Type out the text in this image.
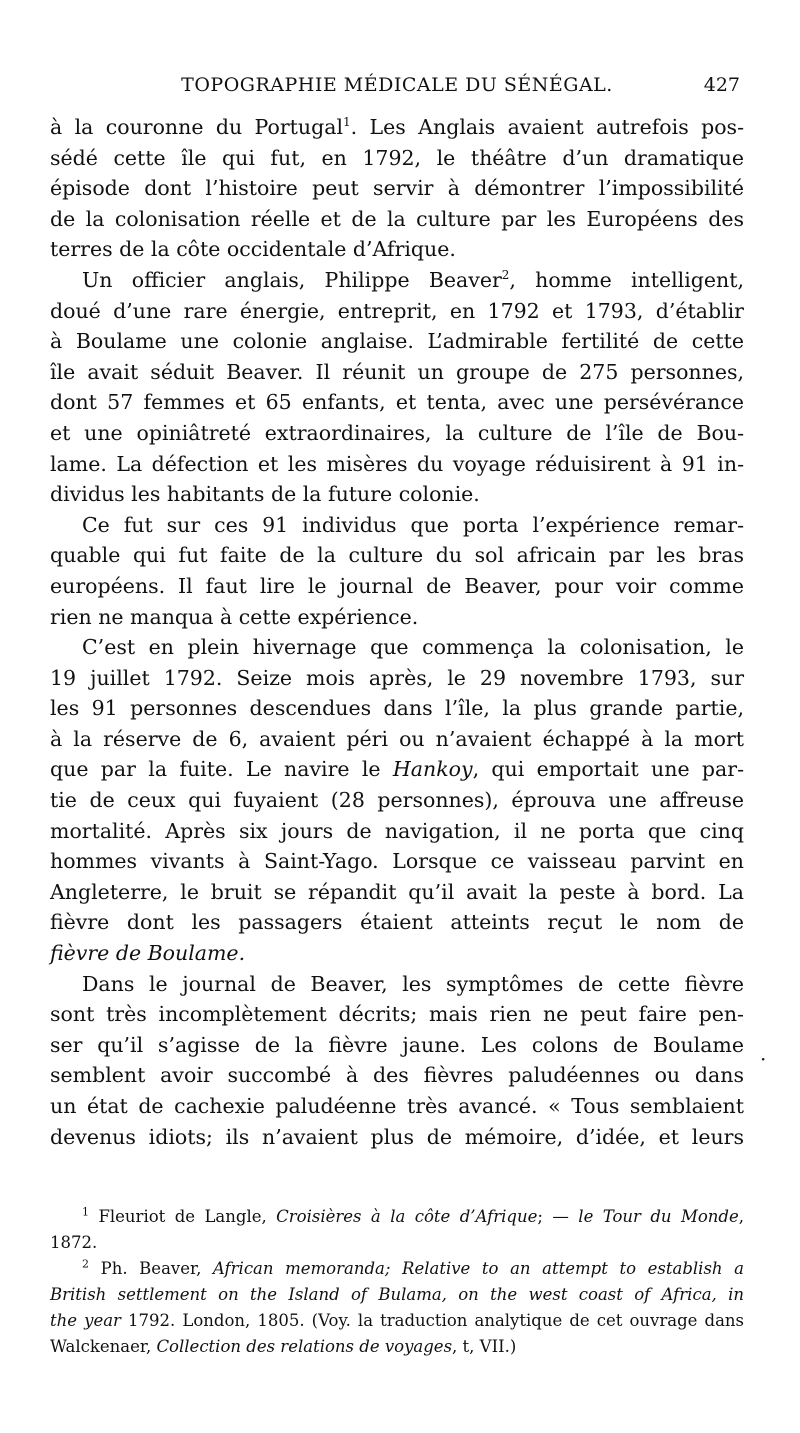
TOPOGRAPHIE MÉDICALE DU SÉNÉGAL.	427
à la couronne du Portugal$^1$. Les Anglais avaient autrefois pos-
sédé cette île qui fut, en 1792, le théâtre d’un dramatique
épisode dont l’histoire peut servir à démontrer l’impossibilité
de la colonisation réelle et de la culture par les Européens des
terres de la côte occidentale d’Afrique.
Un officier anglais, Philippe Beaver$^2$, homme intelligent,
doué d’une rare énergie, entreprit, en 1792 et 1793, d’établir
à Boulame une colonie anglaise. L’admirable fertilité de cette
île avait séduit Beaver. Il réunit un groupe de 275 personnes,
dont 57 femmes et 65 enfants, et tenta, avec une persévérance
et une opiniâtreté extraordinaires, la culture de l’île de Bou-
lame. La défection et les misères du voyage réduisirent à 91 in-
dividus les habitants de la future colonie.
Ce fut sur ces 91 individus que porta l’expérience remar-
quable qui fut faite de la culture du sol africain par les bras
européens. Il faut lire le journal de Beaver, pour voir comme
rien ne manqua à cette expérience.
C’est en plein hivernage que commença la colonisation, le
19 juillet 1792. Seize mois après, le 29 novembre 1793, sur
les 91 personnes descendues dans l’île, la plus grande partie,
à la réserve de 6, avaient péri ou n’avaient échappé à la mort
que par la fuite. Le navire le Hankoy, qui emportait une par-
tie de ceux qui fuyaient (28 personnes), éprouva une affreuse
mortalité. Après six jours de navigation, il ne porta que cinq
hommes vivants à Saint-Yago. Lorsque ce vaisseau parvint en
Angleterre, le bruit se répandit qu’il avait la peste à bord. La
fièvre dont les passagers étaient atteints reçut le nom de
fièvre de Boulame.
Dans le journal de Beaver, les symptômes de cette fièvre
sont très incomplètement décrits; mais rien ne peut faire pen-
ser qu’il s’agisse de la fièvre jaune. Les colons de Boulame
semblent avoir succombé à des fièvres paludéennes ou dans
un état de cachexie paludéenne très avancé. « Tous semblaient
devenus idiots; ils n’avaient plus de mémoire, d’idée, et leurs
·
$^1$ Fleuriot de Langle, Croisières à la côte d’Afrique; — le Tour du Monde,
1872.
$^2$ Ph. Beaver, African memoranda; Relative to an attempt to establish a
British settlement on the Island of Bulama, on the west coast of Africa, in
the year 1792. London, 1805. (Voy. la traduction analytique de cet ouvrage dans
Walckenaer, Collection des relations de voyages, t, VII.)
